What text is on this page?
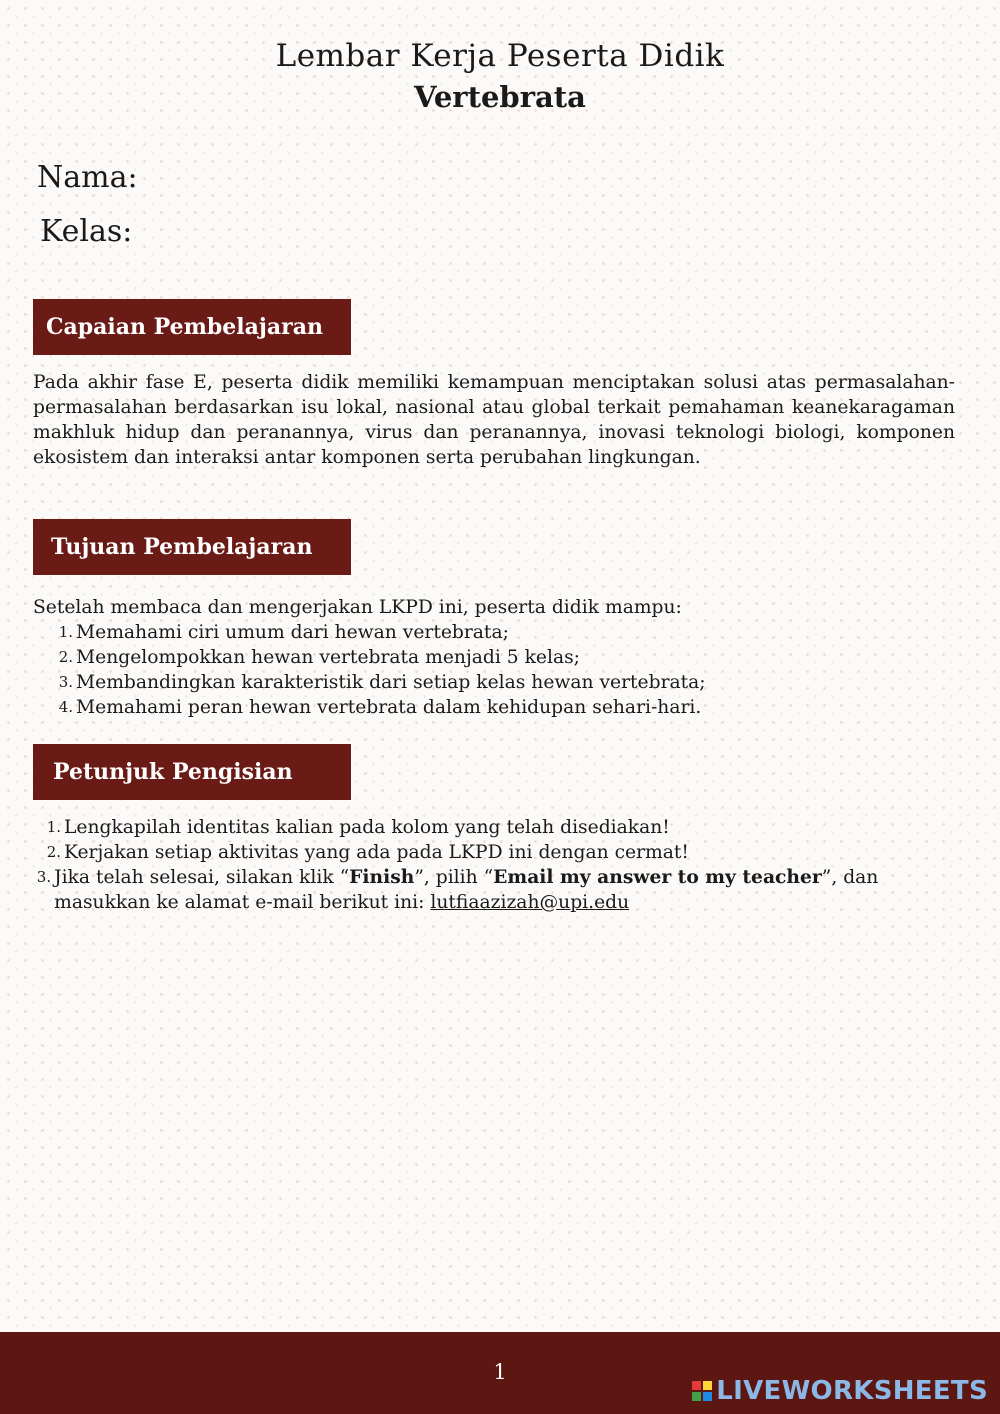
Lembar Kerja Peserta Didik
Vertebrata
Nama:
Kelas:
Capaian Pembelajaran
Pada akhir fase E, peserta didik memiliki kemampuan menciptakan solusi atas permasalahan-permasalahan berdasarkan isu lokal, nasional atau global terkait pemahaman keanekaragaman makhluk hidup dan peranannya, virus dan peranannya, inovasi teknologi biologi, komponen ekosistem dan interaksi antar komponen serta perubahan lingkungan.
Tujuan Pembelajaran
Setelah membaca dan mengerjakan LKPD ini, peserta didik mampu:
1. Memahami ciri umum dari hewan vertebrata;
2. Mengelompokkan hewan vertebrata menjadi 5 kelas;
3. Membandingkan karakteristik dari setiap kelas hewan vertebrata;
4. Memahami peran hewan vertebrata dalam kehidupan sehari-hari.
Petunjuk Pengisian
1. Lengkapilah identitas kalian pada kolom yang telah disediakan!
2. Kerjakan setiap aktivitas yang ada pada LKPD ini dengan cermat!
3. Jika telah selesai, silakan klik “Finish”, pilih “Email my answer to my teacher”, dan masukkan ke alamat e-mail berikut ini: lutfiaazizah@upi.edu
1
LIVEWORKSHEETS
